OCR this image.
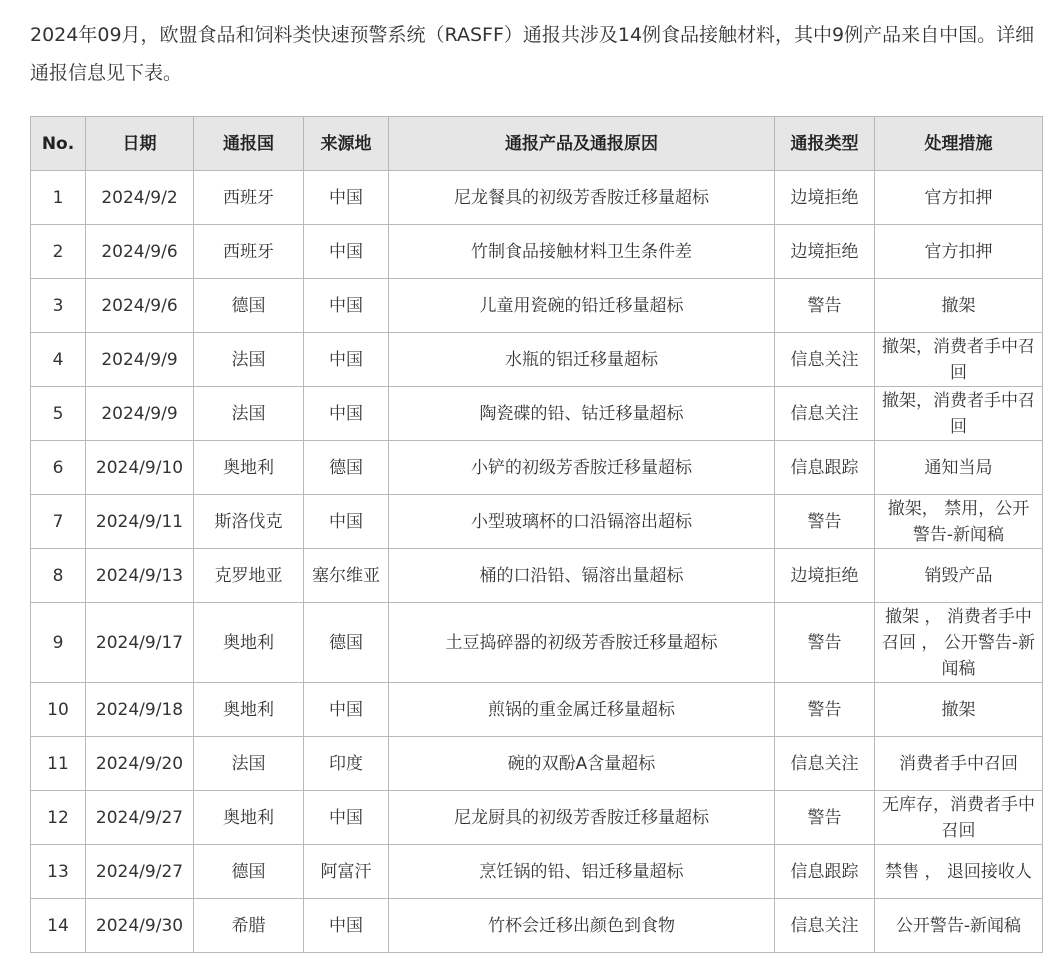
2024年09月，欧盟食品和饲料类快速预警系统（RASFF）通报共涉及14例食品接触材料，其中9例产品来自中国。详细通报信息见下表。

No.	日期	通报国	来源地	通报产品及通报原因	通报类型	处理措施
1	2024/9/2	西班牙	中国	尼龙餐具的初级芳香胺迁移量超标	边境拒绝	官方扣押
2	2024/9/6	西班牙	中国	竹制食品接触材料卫生条件差	边境拒绝	官方扣押
3	2024/9/6	德国	中国	儿童用瓷碗的铅迁移量超标	警告	撤架
4	2024/9/9	法国	中国	水瓶的铝迁移量超标	信息关注	撤架，消费者手中召回
5	2024/9/9	法国	中国	陶瓷碟的铅、钴迁移量超标	信息关注	撤架，消费者手中召回
6	2024/9/10	奥地利	德国	小铲的初级芳香胺迁移量超标	信息跟踪	通知当局
7	2024/9/11	斯洛伐克	中国	小型玻璃杯的口沿镉溶出超标	警告	撤架， 禁用，公开警告-新闻稿
8	2024/9/13	克罗地亚	塞尔维亚	桶的口沿铅、镉溶出量超标	边境拒绝	销毁产品
9	2024/9/17	奥地利	德国	土豆捣碎器的初级芳香胺迁移量超标	警告	撤架 ， 消费者手中召回 ， 公开警告-新闻稿
10	2024/9/18	奥地利	中国	煎锅的重金属迁移量超标	警告	撤架
11	2024/9/20	法国	印度	碗的双酚A含量超标	信息关注	消费者手中召回
12	2024/9/27	奥地利	中国	尼龙厨具的初级芳香胺迁移量超标	警告	无库存，消费者手中召回
13	2024/9/27	德国	阿富汗	烹饪锅的铅、铝迁移量超标	信息跟踪	禁售 ， 退回接收人
14	2024/9/30	希腊	中国	竹杯会迁移出颜色到食物	信息关注	公开警告-新闻稿
